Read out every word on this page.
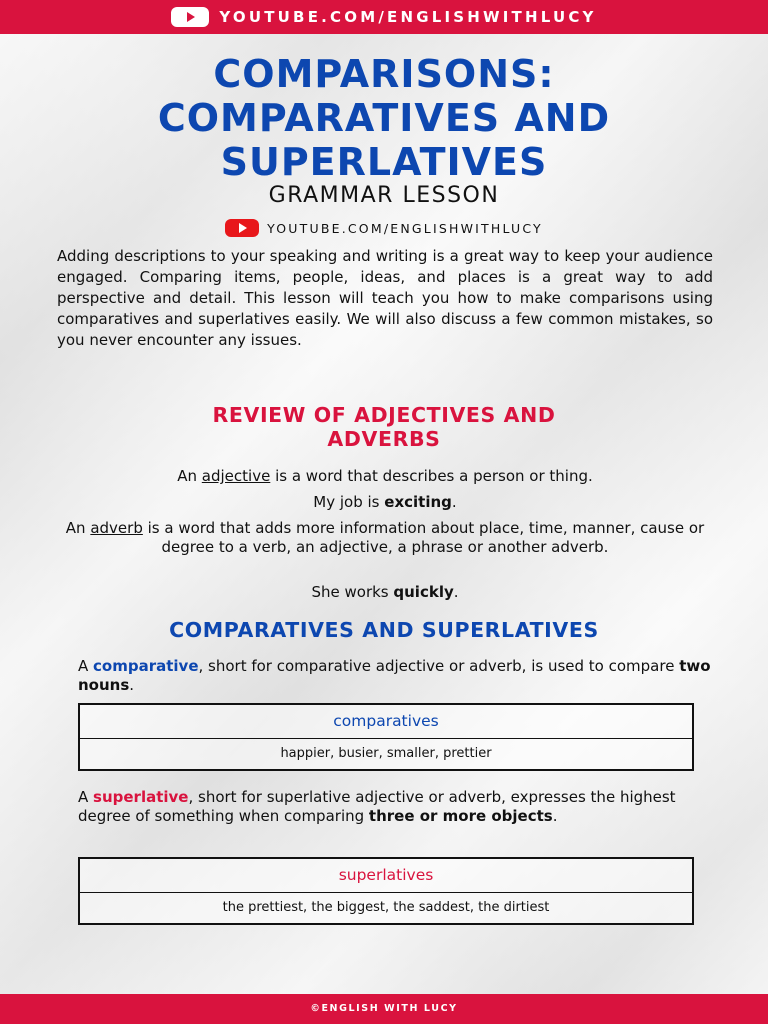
YOUTUBE.COM/ENGLISHWITHLUCY
COMPARISONS:
COMPARATIVES AND
SUPERLATIVES
GRAMMAR LESSON
YOUTUBE.COM/ENGLISHWITHLUCY
Adding descriptions to your speaking and writing is a great way to keep your audience engaged. Comparing items, people, ideas, and places is a great way to add perspective and detail. This lesson will teach you how to make comparisons using comparatives and superlatives easily. We will also discuss a few common mistakes, so you never encounter any issues.
REVIEW OF ADJECTIVES AND
ADVERBS
An adjective is a word that describes a person or thing.
My job is exciting.
An adverb is a word that adds more information about place, time, manner, cause or degree to a verb, an adjective, a phrase or another adverb.
She works quickly.
COMPARATIVES AND SUPERLATIVES
A comparative, short for comparative adjective or adverb, is used to compare two nouns.
comparatives
happier, busier, smaller, prettier
A superlative, short for superlative adjective or adverb, expresses the highest degree of something when comparing three or more objects.
superlatives
the prettiest, the biggest, the saddest, the dirtiest
©ENGLISH WITH LUCY
